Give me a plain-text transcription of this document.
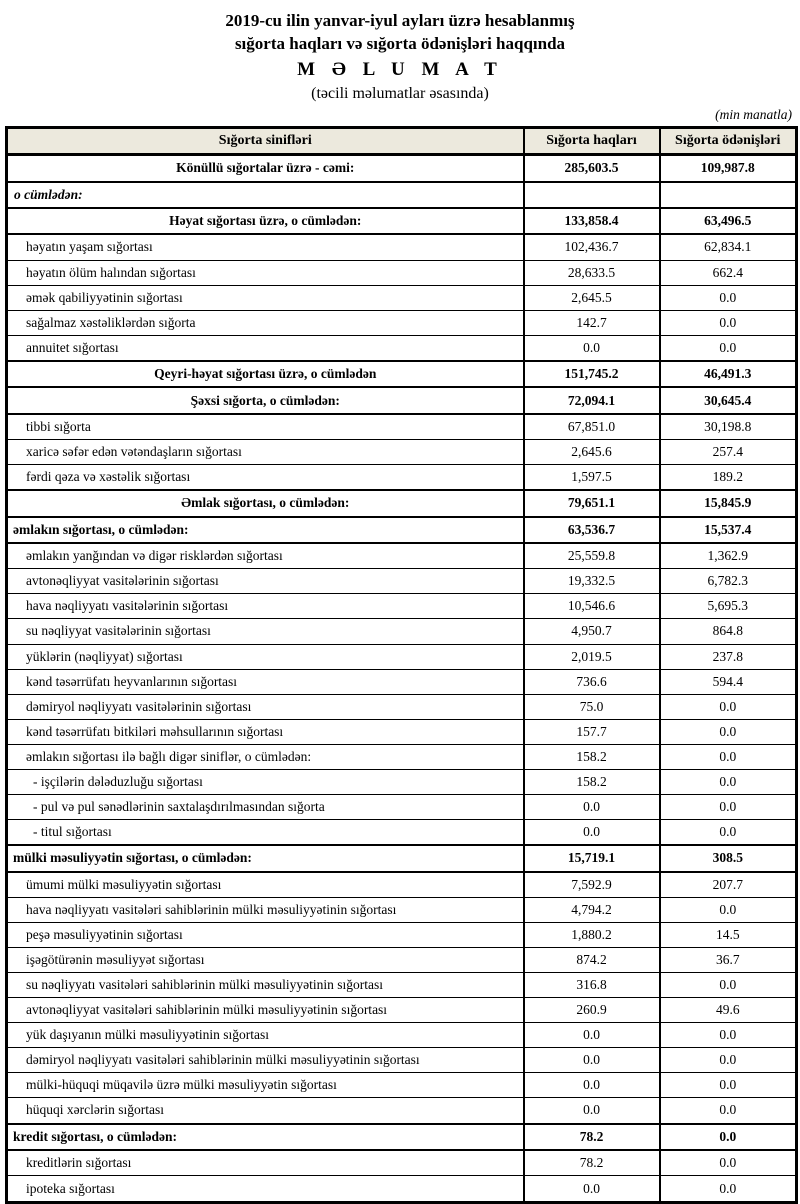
2019-cu ilin yanvar-iyul ayları üzrə hesablanmış
sığorta haqları və sığorta ödənişləri haqqında
M Ə L U M A T
(təcili məlumatlar əsasında)
(min manatla)
Sığorta sinifləri	Sığorta haqları	Sığorta ödənişləri
Könüllü sığortalar üzrə - cəmi:	285,603.5	109,987.8
o cümlədən:		
Həyat sığortası üzrə, o cümlədən:	133,858.4	63,496.5
həyatın yaşam sığortası	102,436.7	62,834.1
həyatın ölüm halından sığortası	28,633.5	662.4
əmək qabiliyyətinin sığortası	2,645.5	0.0
sağalmaz xəstəliklərdən sığorta	142.7	0.0
annuitet sığortası	0.0	0.0
Qeyri-həyat sığortası üzrə, o cümlədən	151,745.2	46,491.3
Şəxsi sığorta, o cümlədən:	72,094.1	30,645.4
tibbi sığorta	67,851.0	30,198.8
xaricə səfər edən vətəndaşların sığortası	2,645.6	257.4
fərdi qəza və xəstəlik sığortası	1,597.5	189.2
Əmlak sığortası, o cümlədən:	79,651.1	15,845.9
əmlakın sığortası, o cümlədən:	63,536.7	15,537.4
əmlakın yanğından və digər risklərdən sığortası	25,559.8	1,362.9
avtonəqliyyat vasitələrinin sığortası	19,332.5	6,782.3
hava nəqliyyatı vasitələrinin sığortası	10,546.6	5,695.3
su nəqliyyat vasitələrinin sığortası	4,950.7	864.8
yüklərin (nəqliyyat) sığortası	2,019.5	237.8
kənd təsərrüfatı heyvanlarının sığortası	736.6	594.4
dəmiryol nəqliyyatı vasitələrinin sığortası	75.0	0.0
kənd təsərrüfatı bitkiləri məhsullarının sığortası	157.7	0.0
əmlakın sığortası ilə bağlı digər siniflər, o cümlədən:	158.2	0.0
- işçilərin dələduzluğu sığortası	158.2	0.0
- pul və pul sənədlərinin saxtalaşdırılmasından sığorta	0.0	0.0
- titul sığortası	0.0	0.0
mülki məsuliyyətin sığortası, o cümlədən:	15,719.1	308.5
ümumi mülki məsuliyyətin sığortası	7,592.9	207.7
hava nəqliyyatı vasitələri sahiblərinin mülki məsuliyyətinin sığortası	4,794.2	0.0
peşə məsuliyyətinin sığortası	1,880.2	14.5
işəgötürənin məsuliyyət sığortası	874.2	36.7
su nəqliyyatı vasitələri sahiblərinin mülki məsuliyyətinin sığortası	316.8	0.0
avtonəqliyyat vasitələri sahiblərinin mülki məsuliyyətinin sığortası	260.9	49.6
yük daşıyanın mülki məsuliyyətinin sığortası	0.0	0.0
dəmiryol nəqliyyatı vasitələri sahiblərinin mülki məsuliyyətinin sığortası	0.0	0.0
mülki-hüquqi müqavilə üzrə mülki məsuliyyətin sığortası	0.0	0.0
hüquqi xərclərin sığortası	0.0	0.0
kredit sığortası, o cümlədən:	78.2	0.0
kreditlərin sığortası	78.2	0.0
ipoteka sığortası	0.0	0.0
